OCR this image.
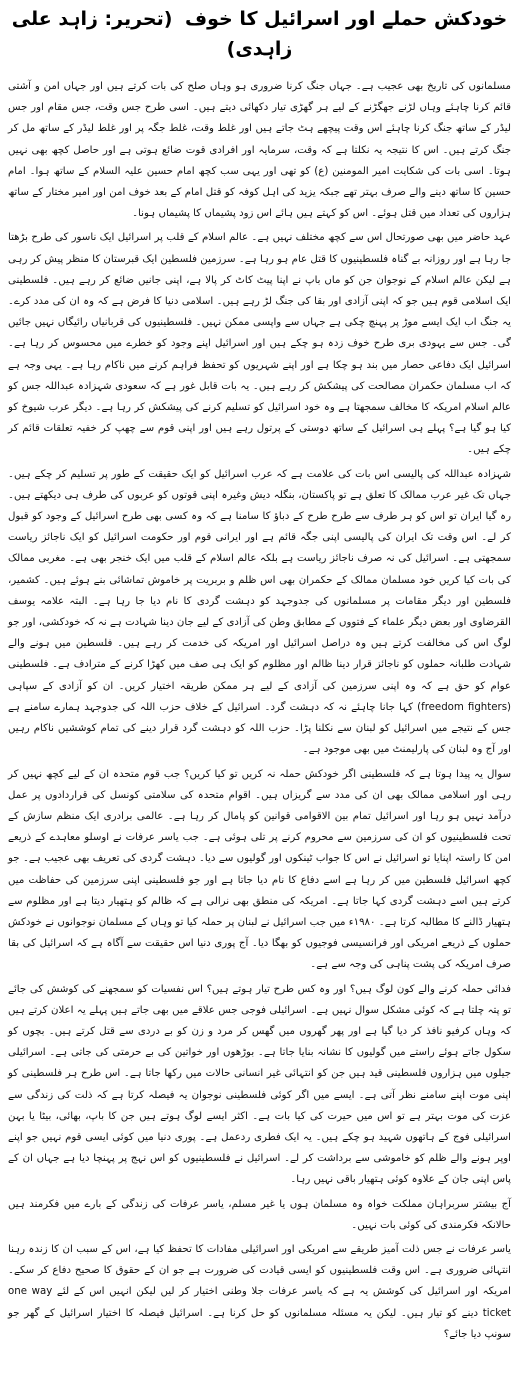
خودکش حملے اور اسرائیل کا خوف (تحریر: زاہد علی زاہدی)
مسلمانوں کی تاریخ بھی عجیب ہے۔ جہاں جنگ کرنا ضروری ہو وہاں صلح کی بات کرتے ہیں اور جہاں امن و آشتی قائم کرنا چاہئے وہاں لڑنے جھگڑنے کے لیے ہر گھڑی تیار دکھائی دیتے ہیں۔ اسی طرح جس وقت، جس مقام اور جس لیڈر کے ساتھ جنگ کرنا چاہئے اس وقت پیچھے ہٹ جاتے ہیں اور غلط وقت، غلط جگہ پر اور غلط لیڈر کے ساتھ مل کر جنگ کرتے ہیں۔ اس کا نتیجہ یہ نکلتا ہے کہ وقت، سرمایہ اور افرادی قوت ضائع ہوتی ہے اور حاصل کچھ بھی نہیں ہوتا۔ اسی بات کی شکایت امیر المومنین (ع) کو تھی اور یہی سب کچھ امام حسین علیہ السلام کے ساتھ ہوا۔ امام حسین کا ساتھ دینے والے صرف بہتر تھے جبکہ یزید کی اہل کوفہ کو قتل امام کے بعد خوف امن اور امیر مختار کے ساتھ ہزاروں کی تعداد میں قتل ہوئے۔ اس کو کہتے ہیں ہائے اس زود پشیماں کا پشیماں ہونا۔
عہد حاضر میں بھی صورتحال اس سے کچھ مختلف نہیں ہے۔ عالم اسلام کے قلب پر اسرائیل ایک ناسور کی طرح بڑھتا جا رہا ہے اور روزانہ بے گناہ فلسطینیوں کا قتل عام ہو رہا ہے۔ سرزمین فلسطین ایک قبرستان کا منظر پیش کر رہی ہے لیکن عالم اسلام کے نوجوان جن کو ماں باپ نے اپنا پیٹ کاٹ کر پالا ہے، اپنی جانیں ضائع کر رہے ہیں۔ فلسطینی ایک اسلامی قوم ہیں جو کہ اپنی آزادی اور بقا کی جنگ لڑ رہے ہیں۔ اسلامی دنیا کا فرض ہے کہ وہ ان کی مدد کرے۔ یہ جنگ اب ایک ایسے موڑ پر پہنچ چکی ہے جہاں سے واپسی ممکن نہیں۔ فلسطینیوں کی قربانیاں رائیگاں نہیں جائیں گی۔ جس سے یہودی بری طرح خوف زدہ ہو چکے ہیں اور اسرائیل اپنے وجود کو خطرے میں محسوس کر رہا ہے۔ اسرائیل ایک دفاعی حصار میں بند ہو چکا ہے اور اپنے شہریوں کو تحفظ فراہم کرنے میں ناکام رہا ہے۔ یہی وجہ ہے کہ اب مسلمان حکمران مصالحت کی پیشکش کر رہے ہیں۔ یہ بات قابل غور ہے کہ سعودی شہزادہ عبداللہ جس کو عالم اسلام امریکہ کا مخالف سمجھتا ہے وہ خود اسرائیل کو تسلیم کرنے کی پیشکش کر رہا ہے۔ دیگر عرب شیوخ کو کیا ہو گیا ہے؟ پہلے ہی اسرائیل کے ساتھ دوستی کے پرتول رہے ہیں اور اپنی قوم سے چھپ کر خفیہ تعلقات قائم کر چکے ہیں۔
شہزادہ عبداللہ کی پالیسی اس بات کی علامت ہے کہ عرب اسرائیل کو ایک حقیقت کے طور پر تسلیم کر چکے ہیں۔ جہاں تک غیر عرب ممالک کا تعلق ہے تو پاکستان، بنگلہ دیش وغیرہ اپنی قوتوں کو عربوں کی طرف ہی دیکھتے ہیں۔ رہ گیا ایران تو اس کو ہر طرف سے طرح طرح کے دباؤ کا سامنا ہے کہ وہ کسی بھی طرح اسرائیل کے وجود کو قبول کر لے۔ اس وقت تک ایران کی پالیسی اپنی جگہ قائم ہے اور ایرانی قوم اور حکومت اسرائیل کو ایک ناجائز ریاست سمجھتی ہے۔ اسرائیل کی نہ صرف ناجائز ریاست ہے بلکہ عالم اسلام کے قلب میں ایک خنجر بھی ہے۔ مغربی ممالک کی بات کیا کریں خود مسلمان ممالک کے حکمران بھی اس ظلم و بربریت پر خاموش تماشائی بنے ہوئے ہیں۔ کشمیر، فلسطین اور دیگر مقامات پر مسلمانوں کی جدوجہد کو دہشت گردی کا نام دیا جا رہا ہے۔ البتہ علامہ یوسف القرضاوی اور بعض دیگر علماء کے فتووں کے مطابق وطن کی آزادی کے لیے جان دینا شہادت ہے نہ کہ خودکشی، اور جو لوگ اس کی مخالفت کرتے ہیں وہ دراصل اسرائیل اور امریکہ کی خدمت کر رہے ہیں۔ فلسطین میں ہونے والے شہادت طلبانہ حملوں کو ناجائز قرار دینا ظالم اور مظلوم کو ایک ہی صف میں کھڑا کرنے کے مترادف ہے۔ فلسطینی عوام کو حق ہے کہ وہ اپنی سرزمین کی آزادی کے لیے ہر ممکن طریقہ اختیار کریں۔ ان کو آزادی کے سپاہی (freedom fighters) کہا جانا چاہئے نہ کہ دہشت گرد۔ اسرائیل کے خلاف حزب اللہ کی جدوجہد ہمارے سامنے ہے جس کے نتیجے میں اسرائیل کو لبنان سے نکلنا پڑا۔ حزب اللہ کو دہشت گرد قرار دینے کی تمام کوششیں ناکام رہیں اور آج وہ لبنان کی پارلیمنٹ میں بھی موجود ہے۔
سوال یہ پیدا ہوتا ہے کہ فلسطینی اگر خودکش حملہ نہ کریں تو کیا کریں؟ جب قوم متحدہ ان کے لیے کچھ نہیں کر رہی اور اسلامی ممالک بھی ان کی مدد سے گریزاں ہیں۔ اقوام متحدہ کی سلامتی کونسل کی قراردادوں پر عمل درآمد نہیں ہو رہا اور اسرائیل تمام بین الاقوامی قوانین کو پامال کر رہا ہے۔ عالمی برادری ایک منظم سازش کے تحت فلسطینیوں کو ان کی سرزمین سے محروم کرنے پر تلی ہوئی ہے۔ جب یاسر عرفات نے اوسلو معاہدے کے ذریعے امن کا راستہ اپنایا تو اسرائیل نے اس کا جواب ٹینکوں اور گولیوں سے دیا۔ دہشت گردی کی تعریف بھی عجیب ہے۔ جو کچھ اسرائیل فلسطین میں کر رہا ہے اسے دفاع کا نام دیا جاتا ہے اور جو فلسطینی اپنی سرزمین کی حفاظت میں کرتے ہیں اسے دہشت گردی کہا جاتا ہے۔ امریکہ کی منطق بھی نرالی ہے کہ ظالم کو ہتھیار دیتا ہے اور مظلوم سے ہتھیار ڈالنے کا مطالبہ کرتا ہے۔ ۱۹۸۰ء میں جب اسرائیل نے لبنان پر حملہ کیا تو وہاں کے مسلمان نوجوانوں نے خودکش حملوں کے ذریعے امریکی اور فرانسیسی فوجیوں کو بھگا دیا۔ آج پوری دنیا اس حقیقت سے آگاہ ہے کہ اسرائیل کی بقا صرف امریکہ کی پشت پناہی کی وجہ سے ہے۔
فدائی حملہ کرنے والے کون لوگ ہیں؟ اور وہ کس طرح تیار ہوتے ہیں؟ اس نفسیات کو سمجھنے کی کوشش کی جائے تو پتہ چلتا ہے کہ کوئی مشکل سوال نہیں ہے۔ اسرائیلی فوجی جس علاقے میں بھی جاتے ہیں پہلے یہ اعلان کرتے ہیں کہ وہاں کرفیو نافذ کر دیا گیا ہے اور پھر گھروں میں گھس کر مرد و زن کو بے دردی سے قتل کرتے ہیں۔ بچوں کو سکول جاتے ہوئے راستے میں گولیوں کا نشانہ بنایا جاتا ہے۔ بوڑھوں اور خواتین کی بے حرمتی کی جاتی ہے۔ اسرائیلی جیلوں میں ہزاروں فلسطینی قید ہیں جن کو انتہائی غیر انسانی حالات میں رکھا جاتا ہے۔ اس طرح ہر فلسطینی کو اپنی موت اپنے سامنے نظر آتی ہے۔ ایسے میں اگر کوئی فلسطینی نوجوان یہ فیصلہ کرتا ہے کہ ذلت کی زندگی سے عزت کی موت بہتر ہے تو اس میں حیرت کی کیا بات ہے۔ اکثر ایسے لوگ ہوتے ہیں جن کا باپ، بھائی، بیٹا یا بہن اسرائیلی فوج کے ہاتھوں شہید ہو چکے ہیں۔ یہ ایک فطری ردعمل ہے۔ پوری دنیا میں کوئی ایسی قوم نہیں جو اپنے اوپر ہونے والے ظلم کو خاموشی سے برداشت کر لے۔ اسرائیل نے فلسطینیوں کو اس نہج پر پہنچا دیا ہے جہاں ان کے پاس اپنی جان کے علاوہ کوئی ہتھیار باقی نہیں رہا۔
آج بیشتر سربراہان مملکت خواہ وہ مسلمان ہوں یا غیر مسلم، یاسر عرفات کی زندگی کے بارے میں فکرمند ہیں حالانکہ فکرمندی کی کوئی بات نہیں۔
یاسر عرفات نے جس ذلت آمیز طریقے سے امریکی اور اسرائیلی مفادات کا تحفظ کیا ہے، اس کے سبب ان کا زندہ رہنا انتہائی ضروری ہے۔ اس وقت فلسطینیوں کو ایسی قیادت کی ضرورت ہے جو ان کے حقوق کا صحیح دفاع کر سکے۔ امریکہ اور اسرائیل کی کوشش یہ ہے کہ یاسر عرفات جلا وطنی اختیار کر لیں لیکن انہیں اس کے لئے one way ticket دینے کو تیار ہیں۔ لیکن یہ مسئلہ مسلمانوں کو حل کرنا ہے۔ اسرائیل فیصلہ کا اختیار اسرائیل کے گھر جو سونپ دیا جائے؟
